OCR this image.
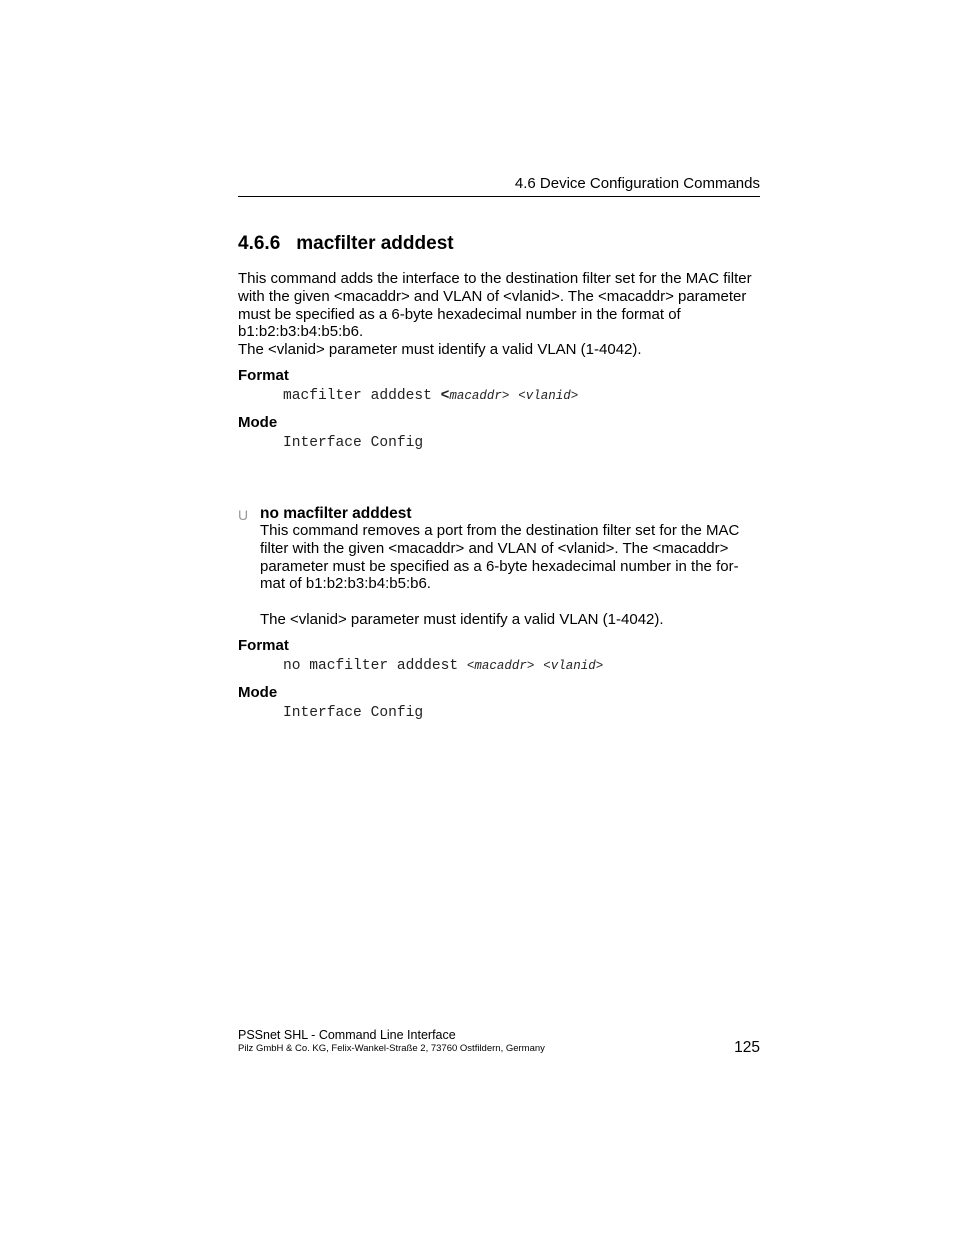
4.6 Device Configuration Commands
4.6.6 macfilter adddest
This command adds the interface to the destination filter set for the MAC filter
with the given <macaddr> and VLAN of <vlanid>. The <macaddr> parameter
must be specified as a 6-byte hexadecimal number in the format of
b1:b2:b3:b4:b5:b6.
The <vlanid> parameter must identify a valid VLAN (1-4042).
Format
macfilter adddest <macaddr> <vlanid>
Mode
Interface Config
U no macfilter adddest
This command removes a port from the destination filter set for the MAC
filter with the given <macaddr> and VLAN of <vlanid>. The <macaddr>
parameter must be specified as a 6-byte hexadecimal number in the for-
mat of b1:b2:b3:b4:b5:b6.
The <vlanid> parameter must identify a valid VLAN (1-4042).
Format
no macfilter adddest <macaddr> <vlanid>
Mode
Interface Config
PSSnet SHL - Command Line Interface
Pilz GmbH & Co. KG, Felix-Wankel-Straße 2, 73760 Ostfildern, Germany	125
